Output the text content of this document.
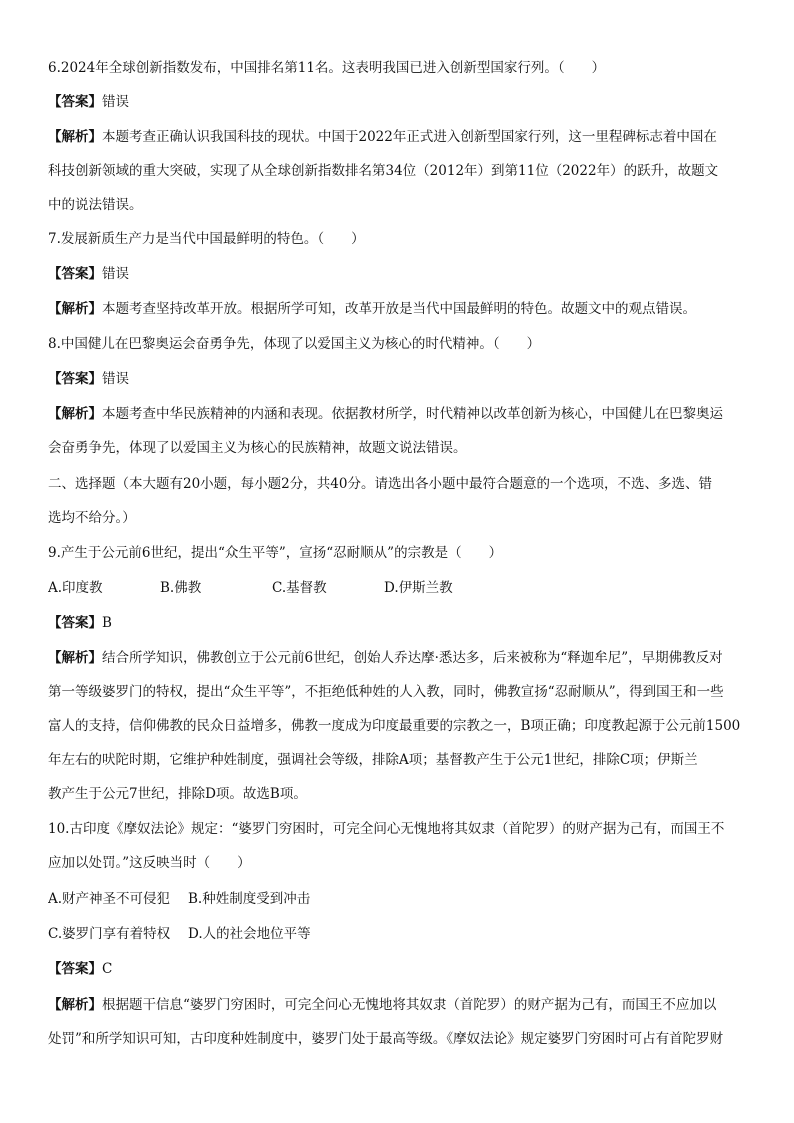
6.2024年全球创新指数发布，中国排名第11名。这表明我国已进入创新型国家行列。（　　）
【答案】错误
【解析】本题考查正确认识我国科技的现状。中国于2022年正式进入创新型国家行列，这一里程碑标志着中国在
科技创新领域的重大突破，实现了从全球创新指数排名第34位（2012年）到第11位（2022年）的跃升，故题文
中的说法错误。
7.发展新质生产力是当代中国最鲜明的特色。（　　）
【答案】错误
【解析】本题考查坚持改革开放。根据所学可知，改革开放是当代中国最鲜明的特色。故题文中的观点错误。
8.中国健儿在巴黎奥运会奋勇争先，体现了以爱国主义为核心的时代精神。（　　）
【答案】错误
【解析】本题考查中华民族精神的内涵和表现。依据教材所学，时代精神以改革创新为核心，中国健儿在巴黎奥运
会奋勇争先，体现了以爱国主义为核心的民族精神，故题文说法错误。
二、选择题（本大题有20小题，每小题2分，共40分。请选出各小题中最符合题意的一个选项，不选、多选、错
选均不给分。）
9.产生于公元前6世纪，提出“众生平等”，宣扬“忍耐顺从”的宗教是（　　）
A.印度教	B.佛教	C.基督教	D.伊斯兰教
【答案】B
【解析】结合所学知识，佛教创立于公元前6世纪，创始人乔达摩·悉达多，后来被称为“释迦牟尼”，早期佛教反对
第一等级婆罗门的特权，提出“众生平等”，不拒绝低种姓的人入教，同时，佛教宣扬“忍耐顺从”，得到国王和一些
富人的支持，信仰佛教的民众日益增多，佛教一度成为印度最重要的宗教之一，B项正确；印度教起源于公元前1500
年左右的吠陀时期，它维护种姓制度，强调社会等级，排除A项；基督教产生于公元1世纪，排除C项；伊斯兰
教产生于公元7世纪，排除D项。故选B项。
10.古印度《摩奴法论》规定：“婆罗门穷困时，可完全问心无愧地将其奴隶（首陀罗）的财产据为己有，而国王不
应加以处罚。”这反映当时（　　）
A.财产神圣不可侵犯 B.种姓制度受到冲击
C.婆罗门享有着特权 D.人的社会地位平等
【答案】C
【解析】根据题干信息“婆罗门穷困时，可完全问心无愧地将其奴隶（首陀罗）的财产据为己有，而国王不应加以
处罚”和所学知识可知，古印度种姓制度中，婆罗门处于最高等级。《摩奴法论》规定婆罗门穷困时可占有首陀罗财
